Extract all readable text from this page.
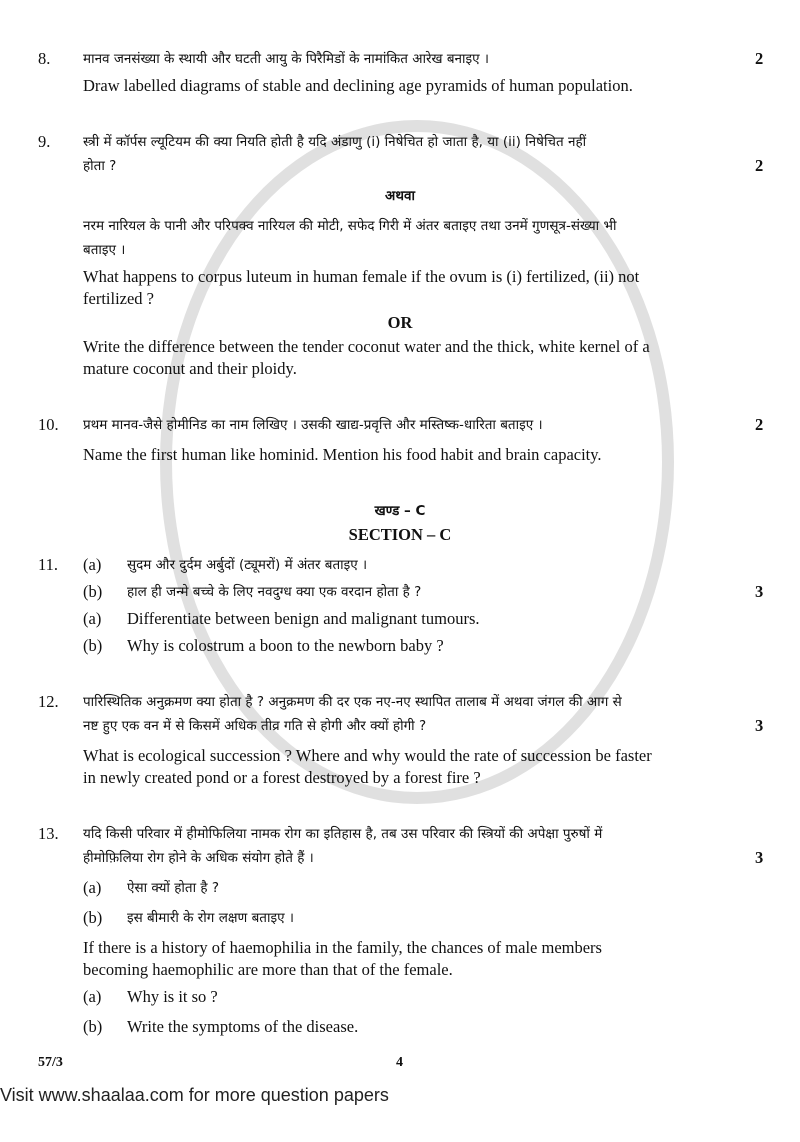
8.	मानव जनसंख्या के स्थायी और घटती आयु के पिरैमिडों के नामांकित आरेख बनाइए ।	2
Draw labelled diagrams of stable and declining age pyramids of human population.
9.	स्त्री में कॉर्पस ल्यूटियम की क्या नियति होती है यदि अंडाणु (i) निषेचित हो जाता है, या (ii) निषेचित नहीं
होता ?	2
अथवा
नरम नारियल के पानी और परिपक्व नारियल की मोटी, सफेद गिरी में अंतर बताइए तथा उनमें गुणसूत्र-संख्या भी
बताइए ।
What happens to corpus luteum in human female if the ovum is (i) fertilized, (ii) not
fertilized ?
OR
Write the difference between the tender coconut water and the thick, white kernel of a
mature coconut and their ploidy.
10.	प्रथम मानव-जैसे होमीनिड का नाम लिखिए । उसकी खाद्य-प्रवृत्ति और मस्तिष्क-धारिता बताइए ।	2
Name the first human like hominid. Mention his food habit and brain capacity.
खण्ड – C
SECTION – C
11.	(a)	सुदम और दुर्दम अर्बुदों (ट्यूमरों) में अंतर बताइए ।
(b)	हाल ही जन्मे बच्चे के लिए नवदुग्ध क्या एक वरदान होता है ?	3
(a)	Differentiate between benign and malignant tumours.
(b)	Why is colostrum a boon to the newborn baby ?
12.	पारिस्थितिक अनुक्रमण क्या होता है ? अनुक्रमण की दर एक नए-नए स्थापित तालाब में अथवा जंगल की आग से
नष्ट हुए एक वन में से किसमें अधिक तीव्र गति से होगी और क्यों होगी ?	3
What is ecological succession ? Where and why would the rate of succession be faster
in newly created pond or a forest destroyed by a forest fire ?
13.	यदि किसी परिवार में हीमोफिलिया नामक रोग का इतिहास है, तब उस परिवार की स्त्रियों की अपेक्षा पुरुषों में
हीमोफ़िलिया रोग होने के अधिक संयोग होते हैं ।	3
(a)	ऐसा क्यों होता है ?
(b)	इस बीमारी के रोग लक्षण बताइए ।
If there is a history of haemophilia in the family, the chances of male members
becoming haemophilic are more than that of the female.
(a)	Why is it so ?
(b)	Write the symptoms of the disease.
57/3	4
Visit www.shaalaa.com for more question papers
